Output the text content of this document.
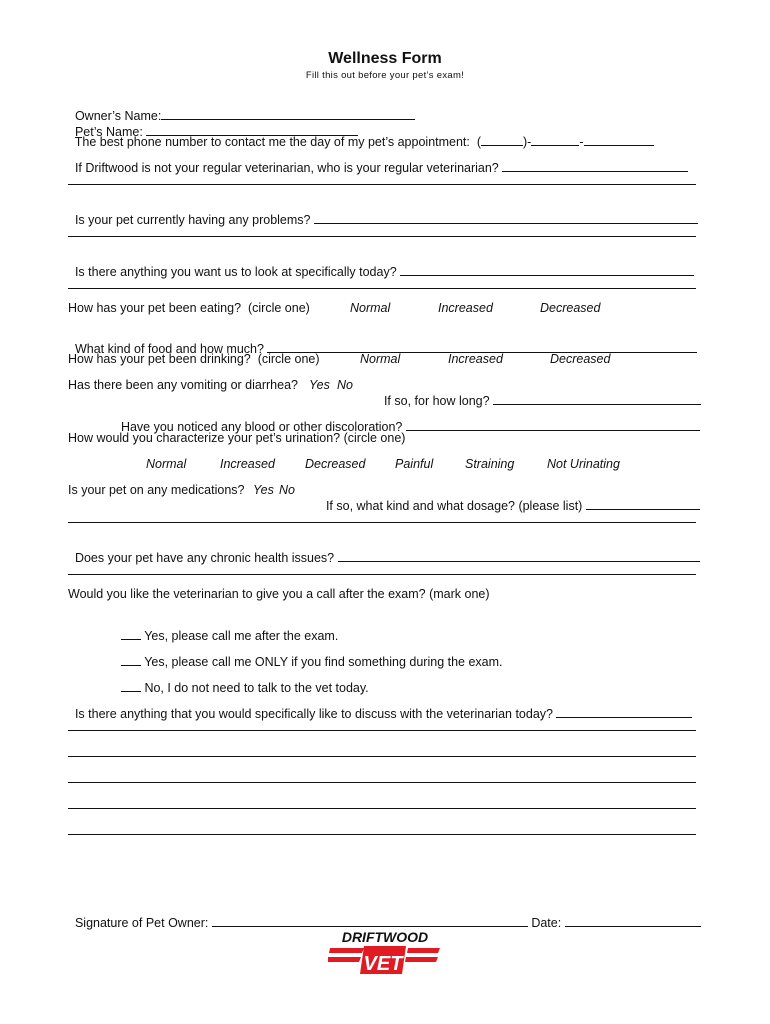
Wellness Form
Fill this out before your pet’s exam!

Owner’s Name:
Pet’s Name:

The best phone number to contact me the day of my pet’s appointment: (	)-	-

If Driftwood is not your regular veterinarian, who is your regular veterinarian?

Is your pet currently having any problems?

Is there anything you want us to look at specifically today?

How has your pet been eating?  (circle one)	Normal	Increased	Decreased

What kind of food and how much?

How has your pet been drinking?  (circle one)	Normal	Increased	Decreased
Has there been any vomiting or diarrhea? Yes No

If so, for how long?

Have you noticed any blood or other discoloration?

How would you characterize your pet’s urination? (circle one)
Normal	Increased Decreased Painful	Straining	Not Urinating
Is your pet on any medications? Yes No

If so, what kind and what dosage? (please list)

Does your pet have any chronic health issues?

Would you like the veterinarian to give you a call after the exam? (mark one)

Yes, please call me after the exam.

Yes, please call me ONLY if you find something during the exam.

No, I do not need to talk to the vet today.

Is there anything that you would specifically like to discuss with the veterinarian today?

Signature of Pet Owner:	Date:

DRIFTWOOD
VET
